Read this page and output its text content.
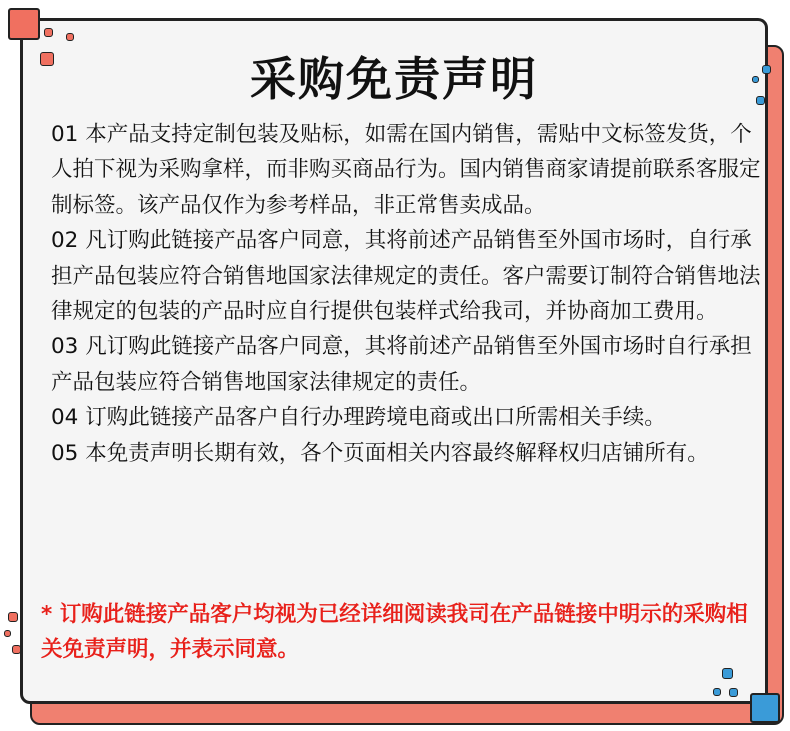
采购免责声明

01 本产品支持定制包装及贴标，如需在国内销售，需贴中文标签发货，个人拍下视为采购拿样，而非购买商品行为。国内销售商家请提前联系客服定制标签。该产品仅作为参考样品，非正常售卖成品。

02 凡订购此链接产品客户同意，其将前述产品销售至外国市场时，自行承担产品包装应符合销售地国家法律规定的责任。客户需要订制符合销售地法律规定的包装的产品时应自行提供包装样式给我司，并协商加工费用。

03 凡订购此链接产品客户同意，其将前述产品销售至外国市场时自行承担产品包装应符合销售地国家法律规定的责任。

04 订购此链接产品客户自行办理跨境电商或出口所需相关手续。

05 本免责声明长期有效，各个页面相关内容最终解释权归店铺所有。

* 订购此链接产品客户均视为已经详细阅读我司在产品链接中明示的采购相关免责声明，并表示同意。
